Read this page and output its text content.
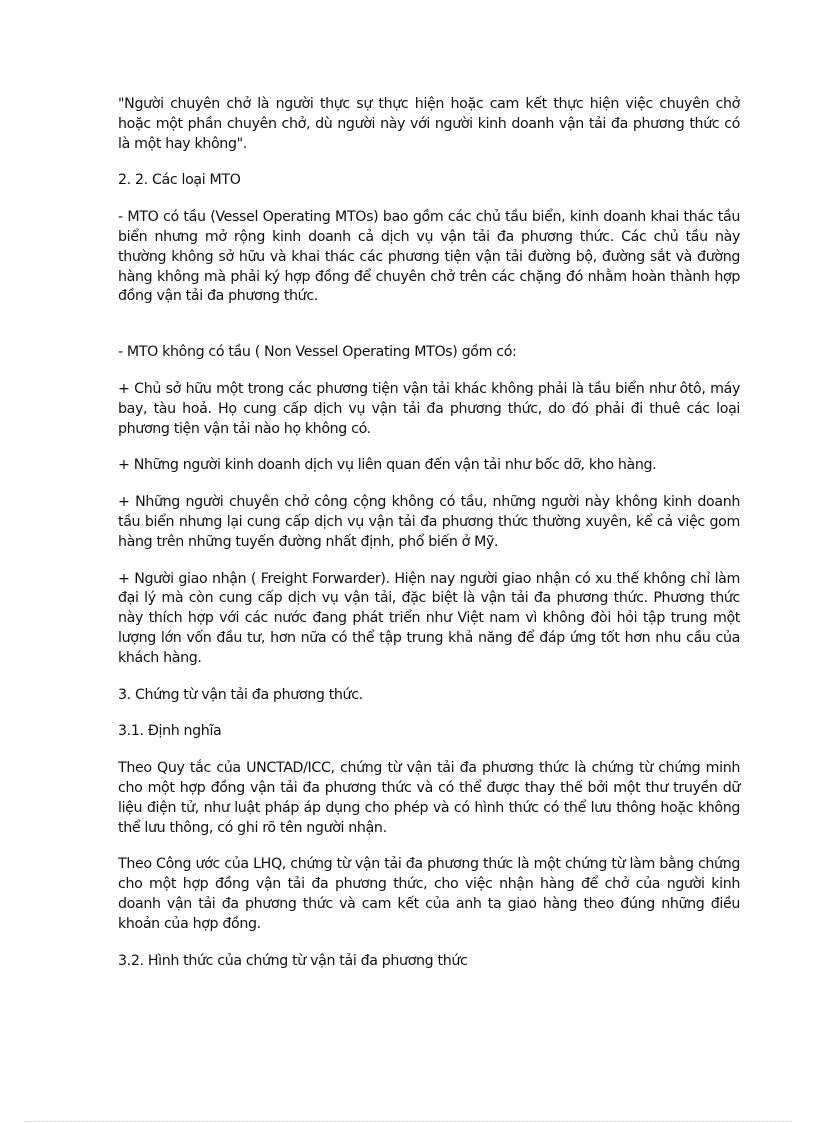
"Người chuyên chở là người thực sự thực hiện hoặc cam kết thực hiện việc chuyên chở hoặc một phần chuyên chở, dù người này với người kinh doanh vận tải đa phương thức có là một hay không".

2. 2. Các loại MTO

- MTO có tầu (Vessel Operating MTOs) bao gồm các chủ tầu biển, kinh doanh khai thác tầu biển nhưng mở rộng kinh doanh cả dịch vụ vận tải đa phương thức. Các chủ tầu này thường không sở hữu và khai thác các phương tiện vận tải đường bộ, đường sắt và đường hàng không mà phải ký hợp đồng để chuyên chở trên các chặng đó nhằm hoàn thành hợp đồng vận tải đa phương thức.

- MTO không có tầu ( Non Vessel Operating MTOs) gồm có:

+ Chủ sở hữu một trong các phương tiện vận tải khác không phải là tầu biển như ôtô, máy bay, tàu hoả. Họ cung cấp dịch vụ vận tải đa phương thức, do đó phải đi thuê các loại phương tiện vận tải nào họ không có.

+ Những người kinh doanh dịch vụ liên quan đến vận tải như bốc dỡ, kho hàng.

+ Những người chuyên chở công cộng không có tầu, những người này không kinh doanh tầu biển nhưng lại cung cấp dịch vụ vận tải đa phương thức thường xuyên, kể cả việc gom hàng trên những tuyến đường nhất định, phổ biến ở Mỹ.

+ Người giao nhận ( Freight Forwarder). Hiện nay người giao nhận có xu thế không chỉ làm đại lý mà còn cung cấp dịch vụ vận tải, đặc biệt là vận tải đa phương thức. Phương thức này thích hợp với các nước đang phát triển như Việt nam vì không đòi hỏi tập trung một lượng lớn vốn đầu tư, hơn nữa có thể tập trung khả năng để đáp ứng tốt hơn nhu cầu của khách hàng.

3. Chứng từ vận tải đa phương thức.

3.1. Định nghĩa

Theo Quy tắc của UNCTAD/ICC, chứng từ vận tải đa phương thức là chứng từ chứng minh cho một hợp đồng vận tải đa phương thức và có thể được thay thế bởi một thư truyền dữ liệu điện tử, như luật pháp áp dụng cho phép và có hình thức có thể lưu thông hoặc không thể lưu thông, có ghi rõ tên người nhận.

Theo Công ước của LHQ, chứng từ vận tải đa phương thức là một chứng từ làm bằng chứng cho một hợp đồng vận tải đa phương thức, cho việc nhận hàng để chở của người kinh doanh vận tải đa phương thức và cam kết của anh ta giao hàng theo đúng những điều khoản của hợp đồng.

3.2. Hình thức của chứng từ vận tải đa phương thức
